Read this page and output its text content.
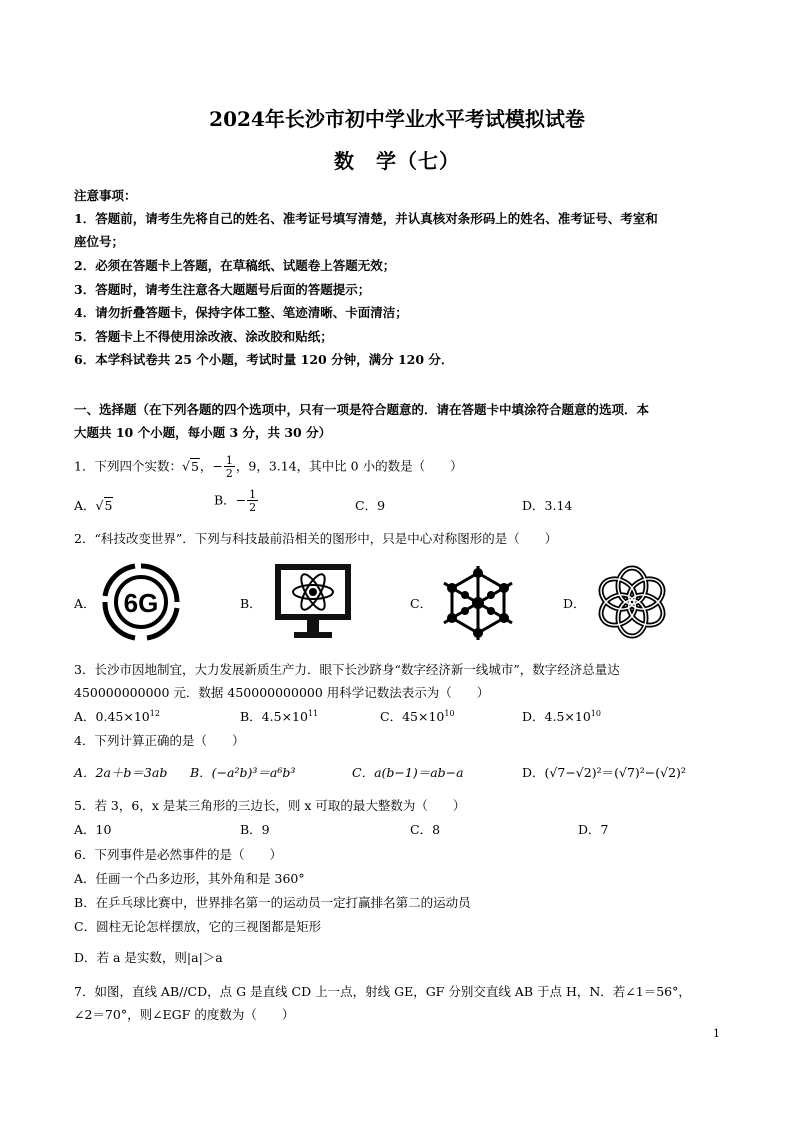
2024年长沙市初中学业水平考试模拟试卷
数　学（七）
注意事项：
1．答题前，请考生先将自己的姓名、准考证号填写清楚，并认真核对条形码上的姓名、准考证号、考室和
座位号；
2．必须在答题卡上答题，在草稿纸、试题卷上答题无效；
3．答题时，请考生注意各大题题号后面的答题提示；
4．请勿折叠答题卡，保持字体工整、笔迹清晰、卡面清洁；
5．答题卡上不得使用涂改液、涂改胶和贴纸；
6．本学科试卷共 25 个小题，考试时量 120 分钟，满分 120 分．
一、选择题（在下列各题的四个选项中，只有一项是符合题意的．请在答题卡中填涂符合题意的选项．本
大题共 10 个小题，每小题 3 分，共 30 分）
1．下列四个实数：√5，− $\frac{1}{2}$ ，9，3.14，其中比 0 小的数是（　　）
A．√5	B．− $\frac{1}{2}$	C．9	D．3.14
2．“科技改变世界”．下列与科技最前沿相关的图形中，只是中心对称图形的是（　　）
A．	B．	C．	D．
6G
3．长沙市因地制宜，大力发展新质生产力．眼下长沙跻身“数字经济新一线城市”，数字经济总量达
450000000000 元．数据 450000000000 用科学记数法表示为（　　）
A．$0.45\times 10^{12}$	B．$4.5\times 10^{11}$	C．$45\times 10^{10}$	D．$4.5\times 10^{10}$
4．下列计算正确的是（　　）
A．2a＋b＝3ab B．(−a²b)³＝a⁶b³	C．a(b−1)＝ab−a	D．(√7−√2)²＝(√7)²−(√2)²
5．若 3，6，x 是某三角形的三边长，则 x 可取的最大整数为（　　）
A．10	B．9	C．8	D．7
6．下列事件是必然事件的是（　　）
A．任画一个凸多边形，其外角和是 360°
B．在乒乓球比赛中，世界排名第一的运动员一定打赢排名第二的运动员
C．圆柱无论怎样摆放，它的三视图都是矩形
D．若 a 是实数，则|a|＞a
7．如图，直线 AB//CD，点 G 是直线 CD 上一点，射线 GE，GF 分别交直线 AB 于点 H，N．若∠1＝56°，
∠2＝70°，则∠EGF 的度数为（　　）
1
